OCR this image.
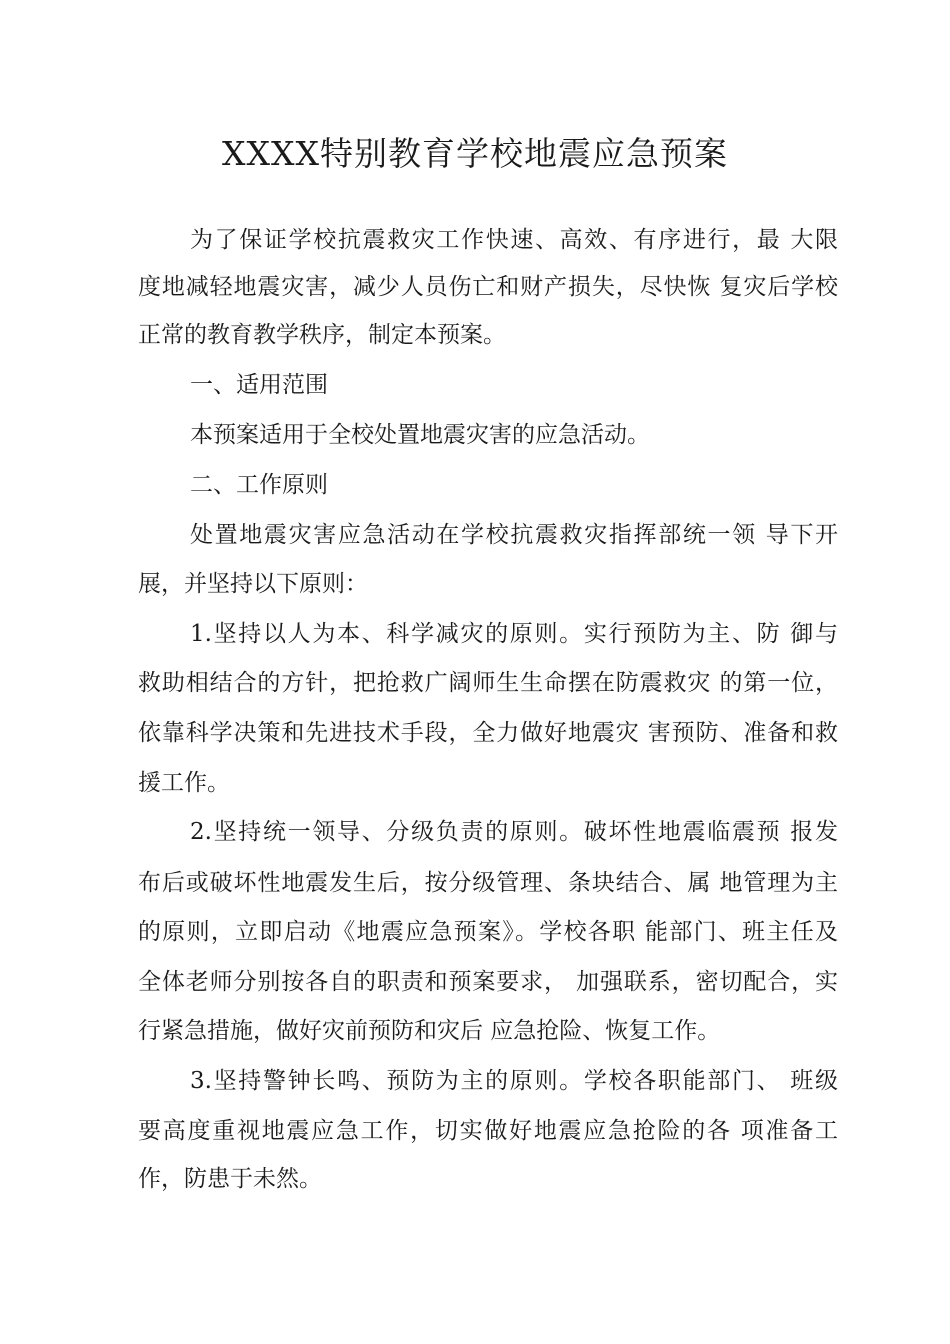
XXXX特别教育学校地震应急预案
为了保证学校抗震救灾工作快速、高效、有序进行，最 大限
度地减轻地震灾害，减少人员伤亡和财产损失，尽快恢 复灾后学校
正常的教育教学秩序，制定本预案。
一、适用范围
本预案适用于全校处置地震灾害的应急活动。
二、工作原则
处置地震灾害应急活动在学校抗震救灾指挥部统一领 导下开
展，并坚持以下原则：
1.坚持以人为本、科学减灾的原则。实行预防为主、防 御与
救助相结合的方针，把抢救广阔师生生命摆在防震救灾 的第一位，
依靠科学决策和先进技术手段，全力做好地震灾 害预防、准备和救
援工作。
2.坚持统一领导、分级负责的原则。破坏性地震临震预 报发
布后或破坏性地震发生后，按分级管理、条块结合、属 地管理为主
的原则，立即启动《地震应急预案》。学校各职 能部门、班主任及
全体老师分别按各自的职责和预案要求， 加强联系，密切配合，实
行紧急措施，做好灾前预防和灾后 应急抢险、恢复工作。
3.坚持警钟长鸣、预防为主的原则。学校各职能部门、 班级
要高度重视地震应急工作，切实做好地震应急抢险的各 项准备工
作，防患于未然。
